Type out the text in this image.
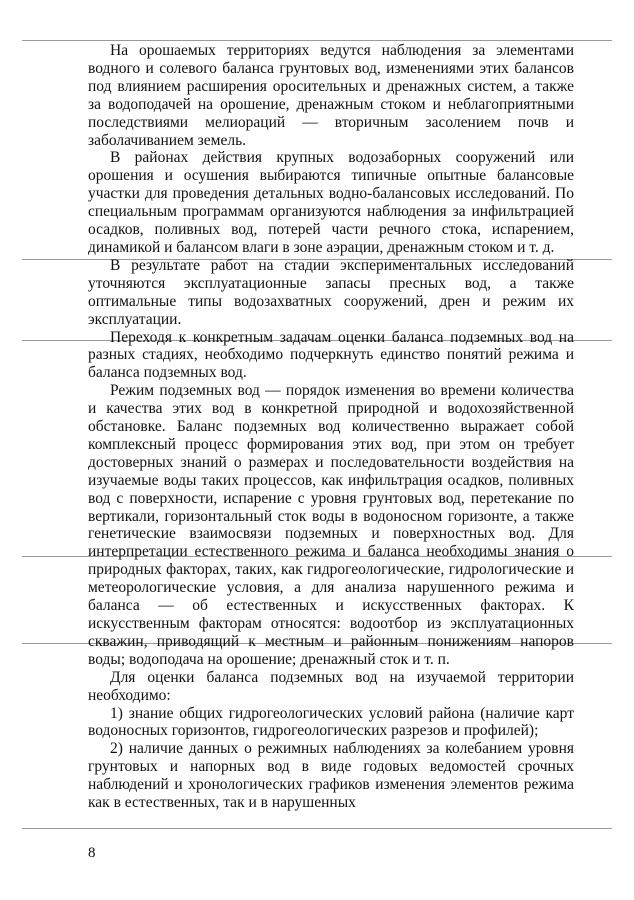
На орошаемых территориях ведутся наблюдения за элементами водного и солевого баланса грунтовых вод, изменениями этих балансов под влиянием расширения оросительных и дренажных систем, а также за водоподачей на орошение, дренажным стоком и неблагоприятными последствиями мелиораций — вторичным засолением почв и заболачиванием земель.

В районах действия крупных водозаборных сооружений или орошения и осушения выбираются типичные опытные балансовые участки для проведения детальных водно-балансовых исследований. По специальным программам организуются наблюдения за инфильтрацией осадков, поливных вод, потерей части речного стока, испарением, динамикой и балансом влаги в зоне аэрации, дренажным стоком и т. д.

В результате работ на стадии экспериментальных исследований уточняются эксплуатационные запасы пресных вод, а также оптимальные типы водозахватных сооружений, дрен и режим их эксплуатации.

Переходя к конкретным задачам оценки баланса подземных вод на разных стадиях, необходимо подчеркнуть единство понятий режима и баланса подземных вод.

Режим подземных вод — порядок изменения во времени количества и качества этих вод в конкретной природной и водохозяйственной обстановке. Баланс подземных вод количественно выражает собой комплексный процесс формирования этих вод, при этом он требует достоверных знаний о размерах и последовательности воздействия на изучаемые воды таких процессов, как инфильтрация осадков, поливных вод с поверхности, испарение с уровня грунтовых вод, перетекание по вертикали, горизонтальный сток воды в водоносном горизонте, а также генетические взаимосвязи подземных и поверхностных вод. Для интерпретации естественного режима и баланса необходимы знания о природных факторах, таких, как гидрогеологические, гидрологические и метеорологические условия, а для анализа нарушенного режима и баланса — об естественных и искусственных факторах. К искусственным факторам относятся: водоотбор из эксплуатационных скважин, приводящий к местным и районным понижениям напоров воды; водоподача на орошение; дренажный сток и т. п.

Для оценки баланса подземных вод на изучаемой территории необходимо:

1) знание общих гидрогеологических условий района (наличие карт водоносных горизонтов, гидрогеологических разрезов и профилей);

2) наличие данных о режимных наблюдениях за колебанием уровня грунтовых и напорных вод в виде годовых ведомостей срочных наблюдений и хронологических графиков изменения элементов режима как в естественных, так и в нарушенных

8
